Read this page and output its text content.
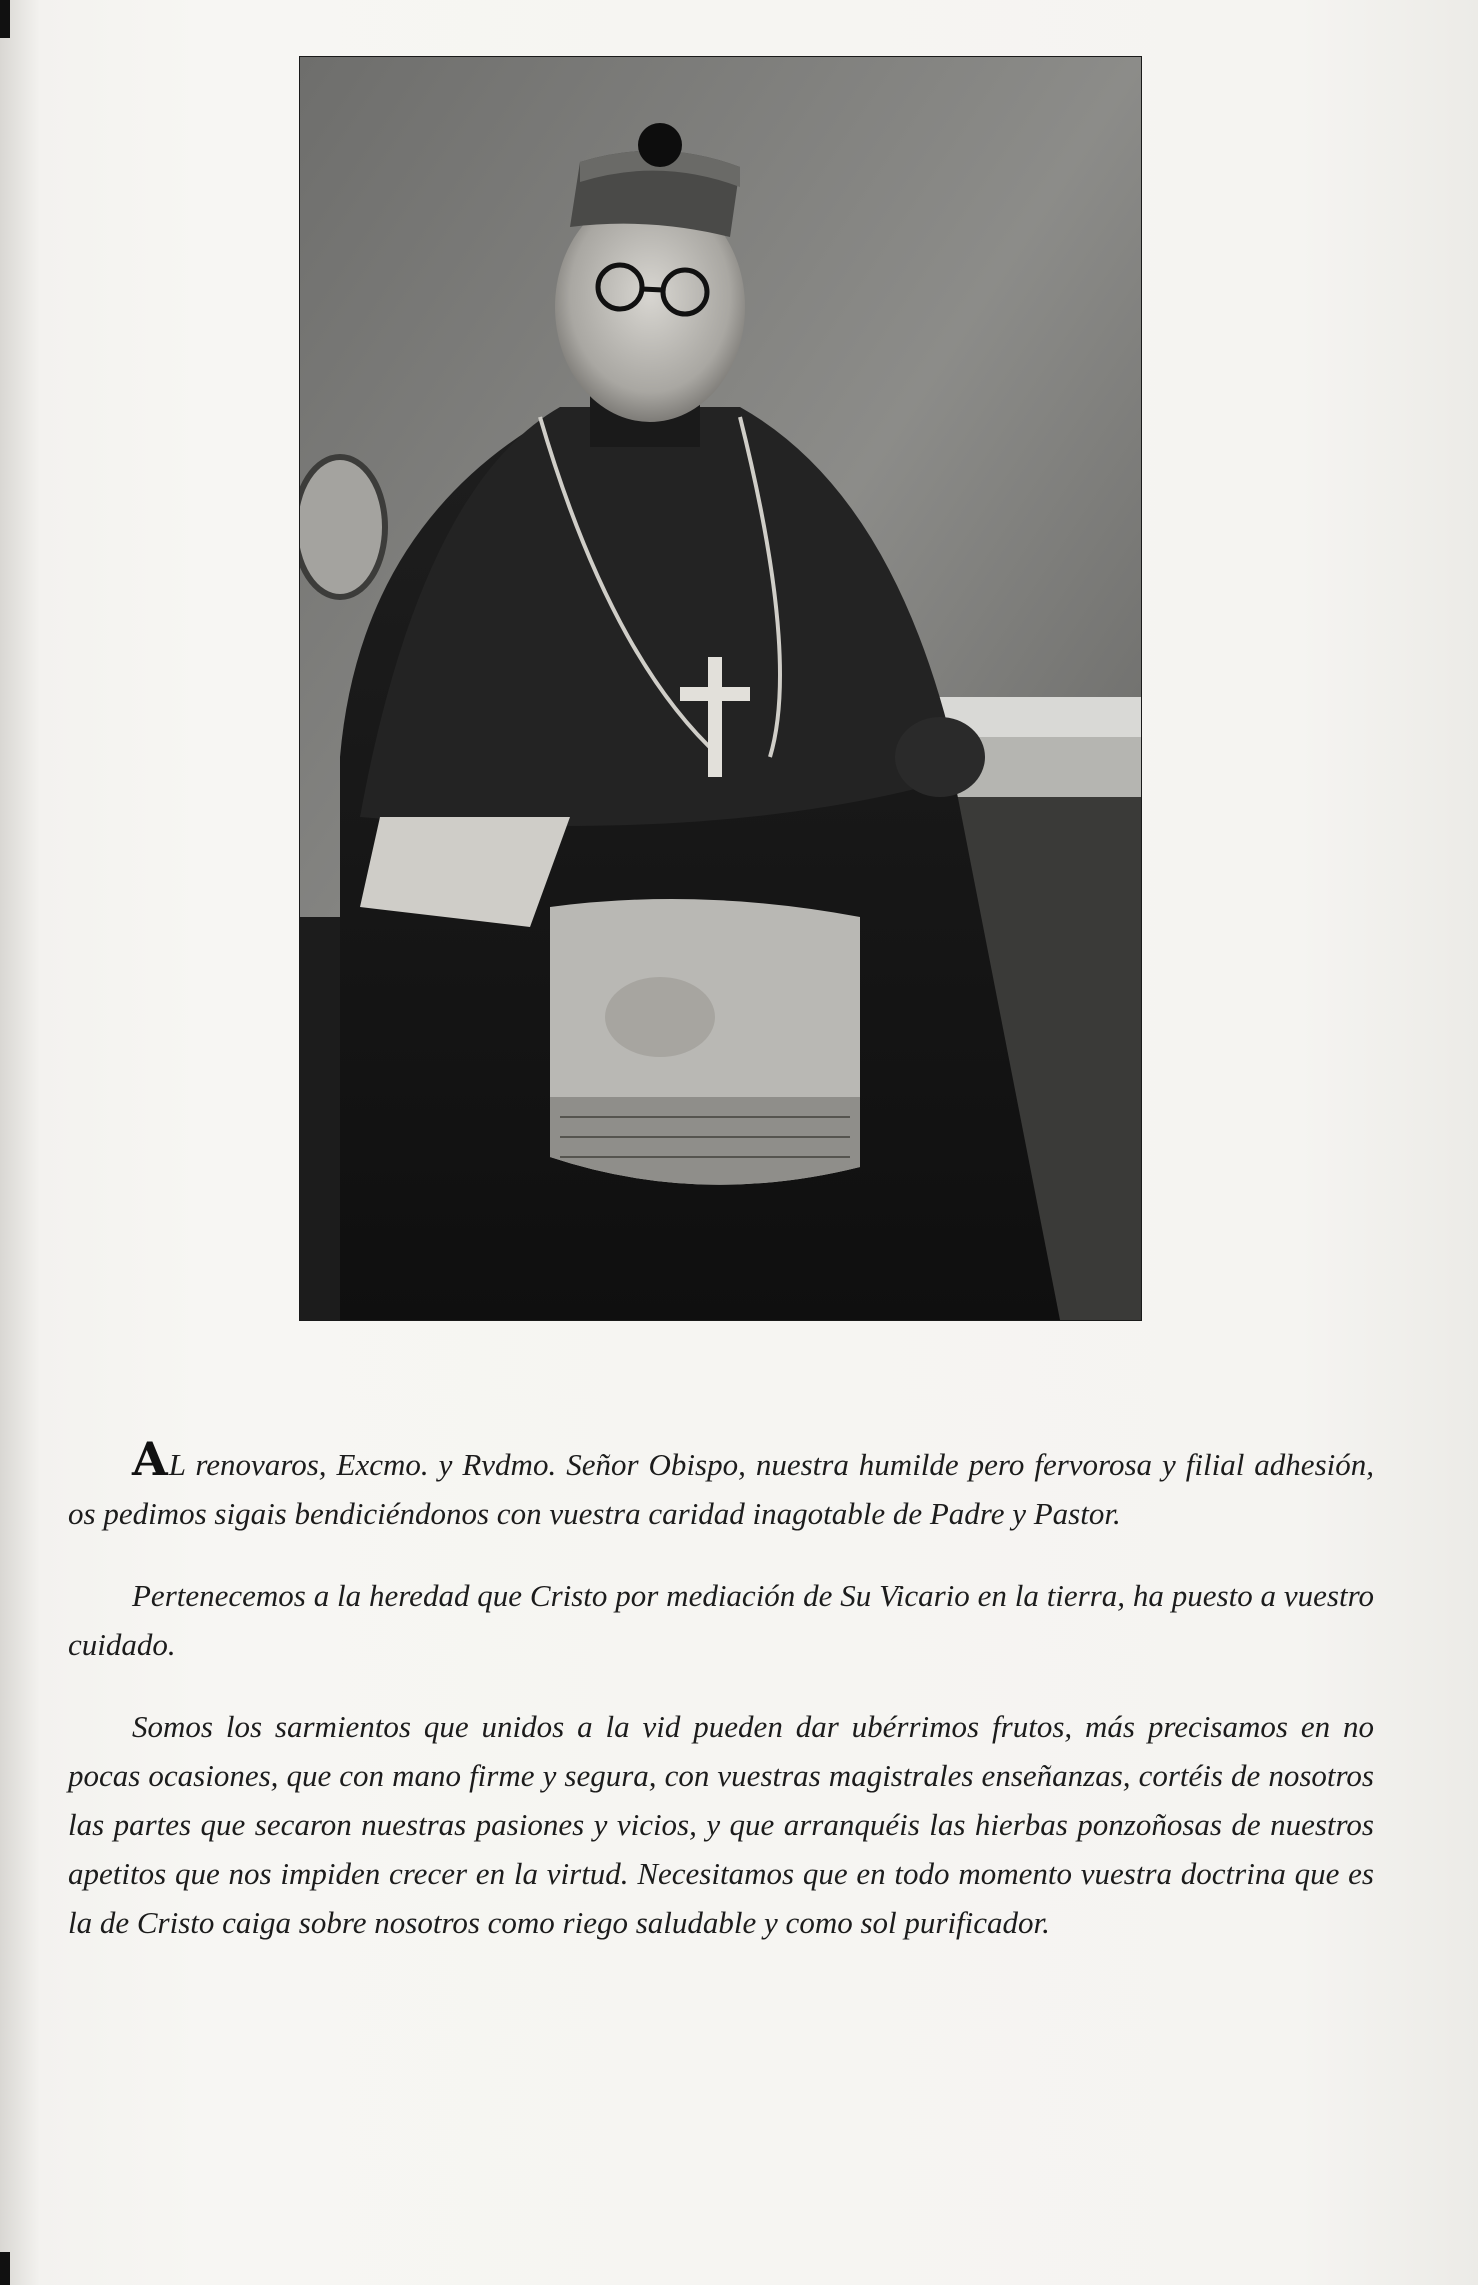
AL renovaros, Excmo. y Rvdmo. Señor Obispo, nuestra humilde pero fervorosa y filial adhesión, os pedimos sigais bendiciéndonos con vuestra caridad inagotable de Padre y Pastor.

Pertenecemos a la heredad que Cristo por mediación de Su Vicario en la tierra, ha puesto a vuestro cuidado.

Somos los sarmientos que unidos a la vid pueden dar ubérrimos frutos, más precisamos en no pocas ocasiones, que con mano firme y segura, con vuestras magistrales enseñanzas, cortéis de nosotros las partes que secaron nuestras pasiones y vicios, y que arranquéis las hierbas ponzoñosas de nuestros apetitos que nos impiden crecer en la virtud. Necesitamos que en todo momento vuestra doctrina que es la de Cristo caiga sobre nosotros como riego saludable y como sol purificador.
